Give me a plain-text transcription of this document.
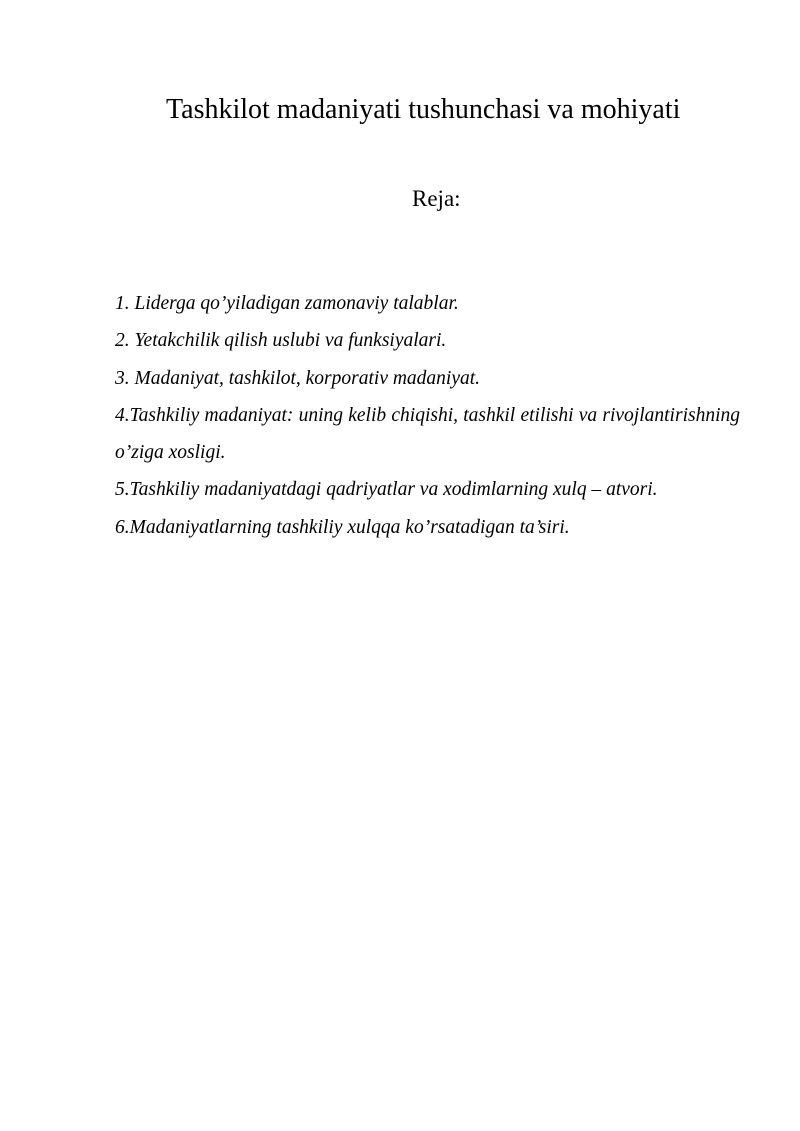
Tashkilot madaniyati tushunchasi va mohiyati
Reja:
1. Liderga qo’yiladigan zamonaviy talablar.
2. Yetakchilik qilish uslubi va funksiyalari.
3. Madaniyat, tashkilot, korporativ madaniyat.
4.Tashkiliy madaniyat: uning kelib chiqishi, tashkil etilishi va rivojlantirishning o’ziga xosligi.
5.Tashkiliy madaniyatdagi qadriyatlar va xodimlarning xulq – atvori.
6.Madaniyatlarning tashkiliy xulqqa ko’rsatadigan ta’siri.
